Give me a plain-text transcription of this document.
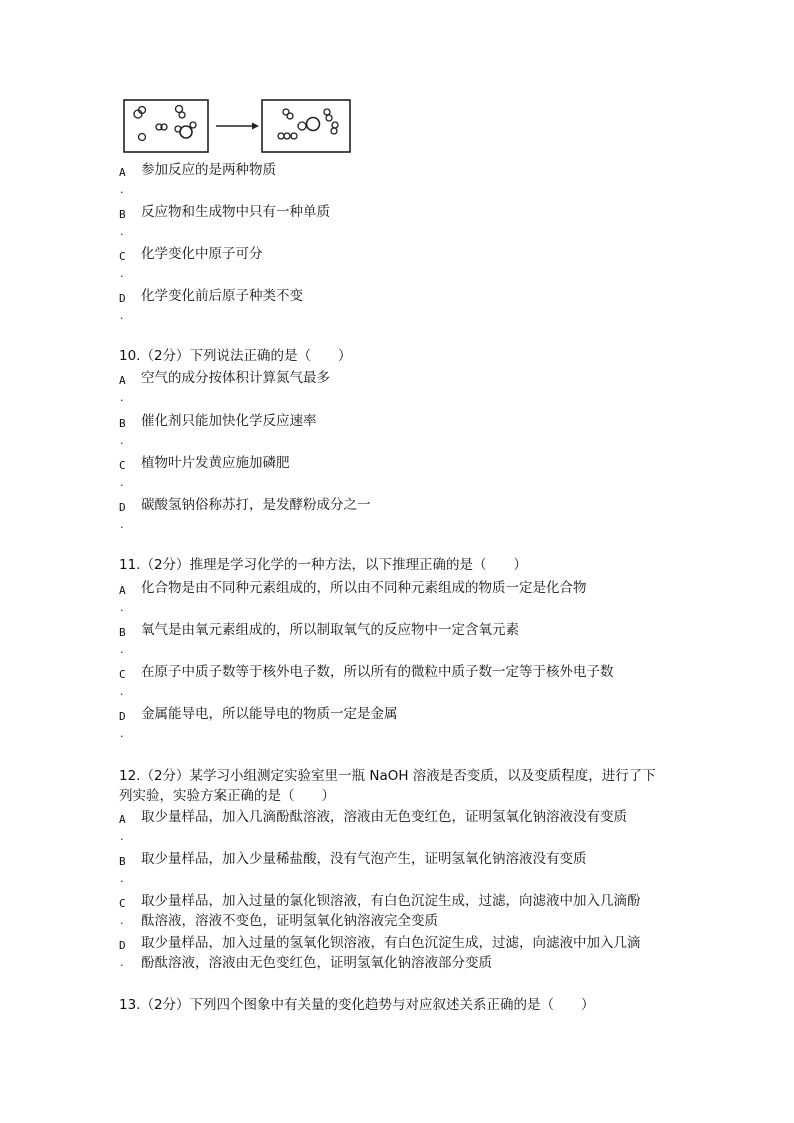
A
.
参加反应的是两种物质
B
.
反应物和生成物中只有一种单质
C
.
化学变化中原子可分
D
.
化学变化前后原子种类不变
10.（2分）下列说法正确的是（　　）
A
.
空气的成分按体积计算氮气最多
B
.
催化剂只能加快化学反应速率
C
.
植物叶片发黄应施加磷肥
D
.
碳酸氢钠俗称苏打，是发酵粉成分之一
11.（2分）推理是学习化学的一种方法，以下推理正确的是（　　）
A
.
化合物是由不同种元素组成的，所以由不同种元素组成的物质一定是化合物
B
.
氧气是由氧元素组成的，所以制取氧气的反应物中一定含氧元素
C
.
在原子中质子数等于核外电子数，所以所有的微粒中质子数一定等于核外电子数
D
.
金属能导电，所以能导电的物质一定是金属
12.（2分）某学习小组测定实验室里一瓶 NaOH 溶液是否变质，以及变质程度，进行了下
列实验，实验方案正确的是（　　）
A
.
取少量样品，加入几滴酚酞溶液，溶液由无色变红色，证明氢氧化钠溶液没有变质
B
.
取少量样品，加入少量稀盐酸，没有气泡产生，证明氢氧化钠溶液没有变质
C
.
取少量样品，加入过量的氯化钡溶液，有白色沉淀生成，过滤，向滤液中加入几滴酚
酞溶液，溶液不变色，证明氢氧化钠溶液完全变质
D
.
取少量样品，加入过量的氢氧化钡溶液，有白色沉淀生成，过滤，向滤液中加入几滴
酚酞溶液，溶液由无色变红色，证明氢氧化钠溶液部分变质
13.（2分）下列四个图象中有关量的变化趋势与对应叙述关系正确的是（　　）
